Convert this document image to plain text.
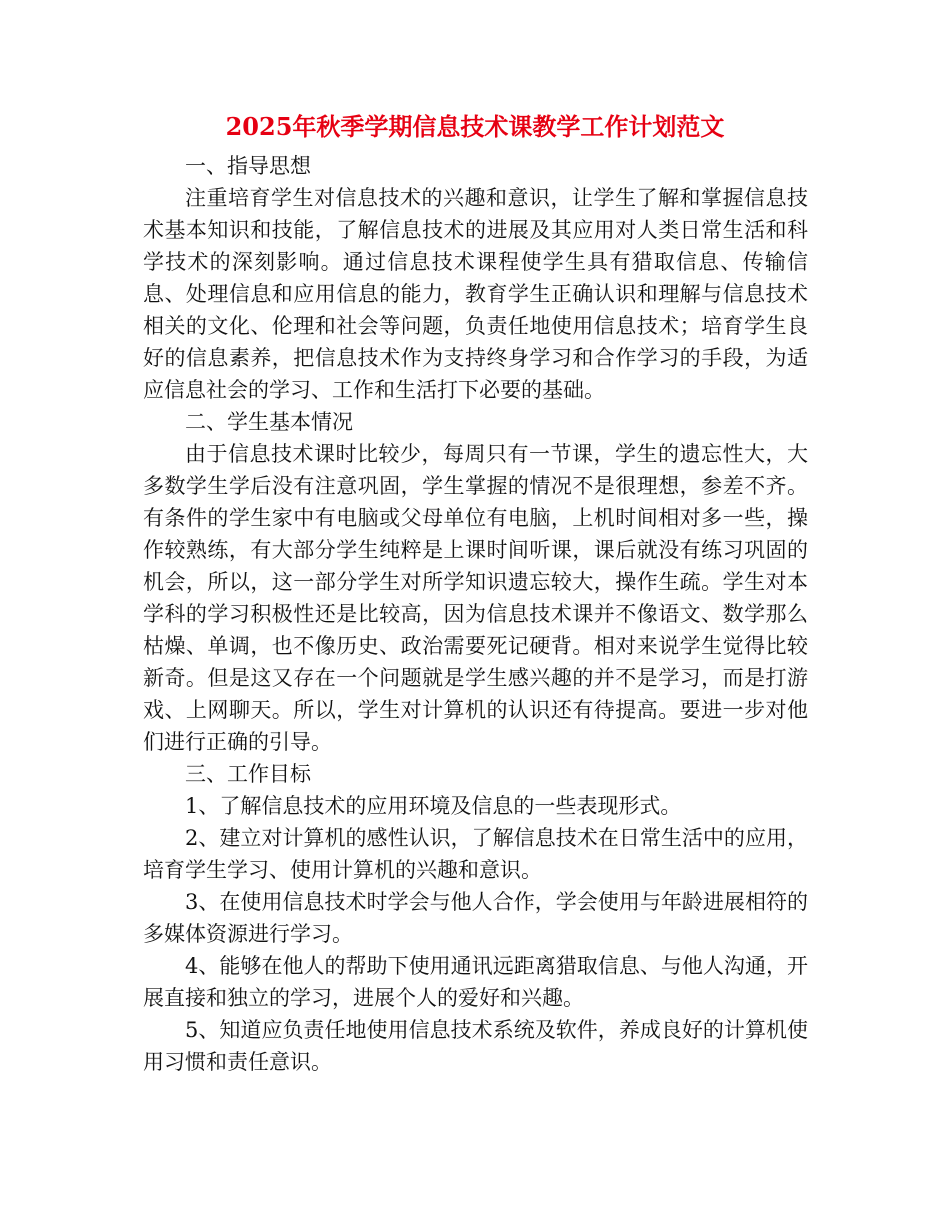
2025年秋季学期信息技术课教学工作计划范文

一、指导思想

注重培育学生对信息技术的兴趣和意识，让学生了解和掌握信息技术基本知识和技能，了解信息技术的进展及其应用对人类日常生活和科学技术的深刻影响。通过信息技术课程使学生具有猎取信息、传输信息、处理信息和应用信息的能力，教育学生正确认识和理解与信息技术相关的文化、伦理和社会等问题，负责任地使用信息技术；培育学生良好的信息素养，把信息技术作为支持终身学习和合作学习的手段，为适应信息社会的学习、工作和生活打下必要的基础。

二、学生基本情况

由于信息技术课时比较少，每周只有一节课，学生的遗忘性大，大多数学生学后没有注意巩固，学生掌握的情况不是很理想，参差不齐。有条件的学生家中有电脑或父母单位有电脑，上机时间相对多一些，操作较熟练，有大部分学生纯粹是上课时间听课，课后就没有练习巩固的机会，所以，这一部分学生对所学知识遗忘较大，操作生疏。学生对本学科的学习积极性还是比较高，因为信息技术课并不像语文、数学那么枯燥、单调，也不像历史、政治需要死记硬背。相对来说学生觉得比较新奇。但是这又存在一个问题就是学生感兴趣的并不是学习，而是打游戏、上网聊天。所以，学生对计算机的认识还有待提高。要进一步对他们进行正确的引导。

三、工作目标

1、了解信息技术的应用环境及信息的一些表现形式。

2、建立对计算机的感性认识，了解信息技术在日常生活中的应用，培育学生学习、使用计算机的兴趣和意识。

3、在使用信息技术时学会与他人合作，学会使用与年龄进展相符的多媒体资源进行学习。

4、能够在他人的帮助下使用通讯远距离猎取信息、与他人沟通，开展直接和独立的学习，进展个人的爱好和兴趣。

5、知道应负责任地使用信息技术系统及软件，养成良好的计算机使用习惯和责任意识。
